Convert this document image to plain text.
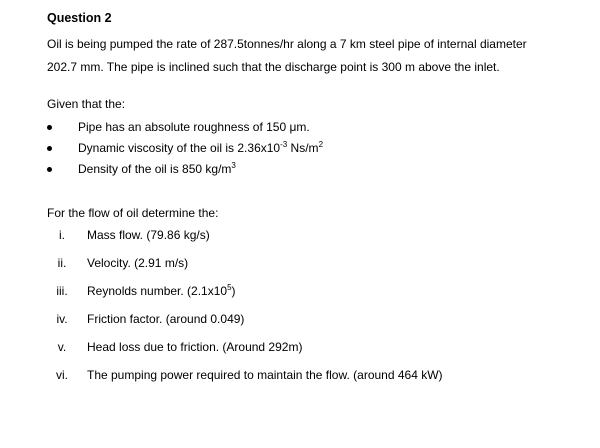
Question 2

Oil is being pumped the rate of 287.5tonnes/hr along a 7 km steel pipe of internal diameter
202.7 mm. The pipe is inclined such that the discharge point is 300 m above the inlet.

Given that the:

Pipe has an absolute roughness of 150 μm.
Dynamic viscosity of the oil is $2.36x10^{-3}$ $Ns/m^2$
Density of the oil is 850 $kg/m^3$

For the flow of oil determine the:

i.	Mass flow. (79.86 kg/s)
ii.	Velocity. (2.91 m/s)
iii.	Reynolds number. $(2.1x10^5)$
iv.	Friction factor. (around 0.049)
v.	Head loss due to friction. (Around 292m)
vi.	The pumping power required to maintain the flow. (around 464 kW)
